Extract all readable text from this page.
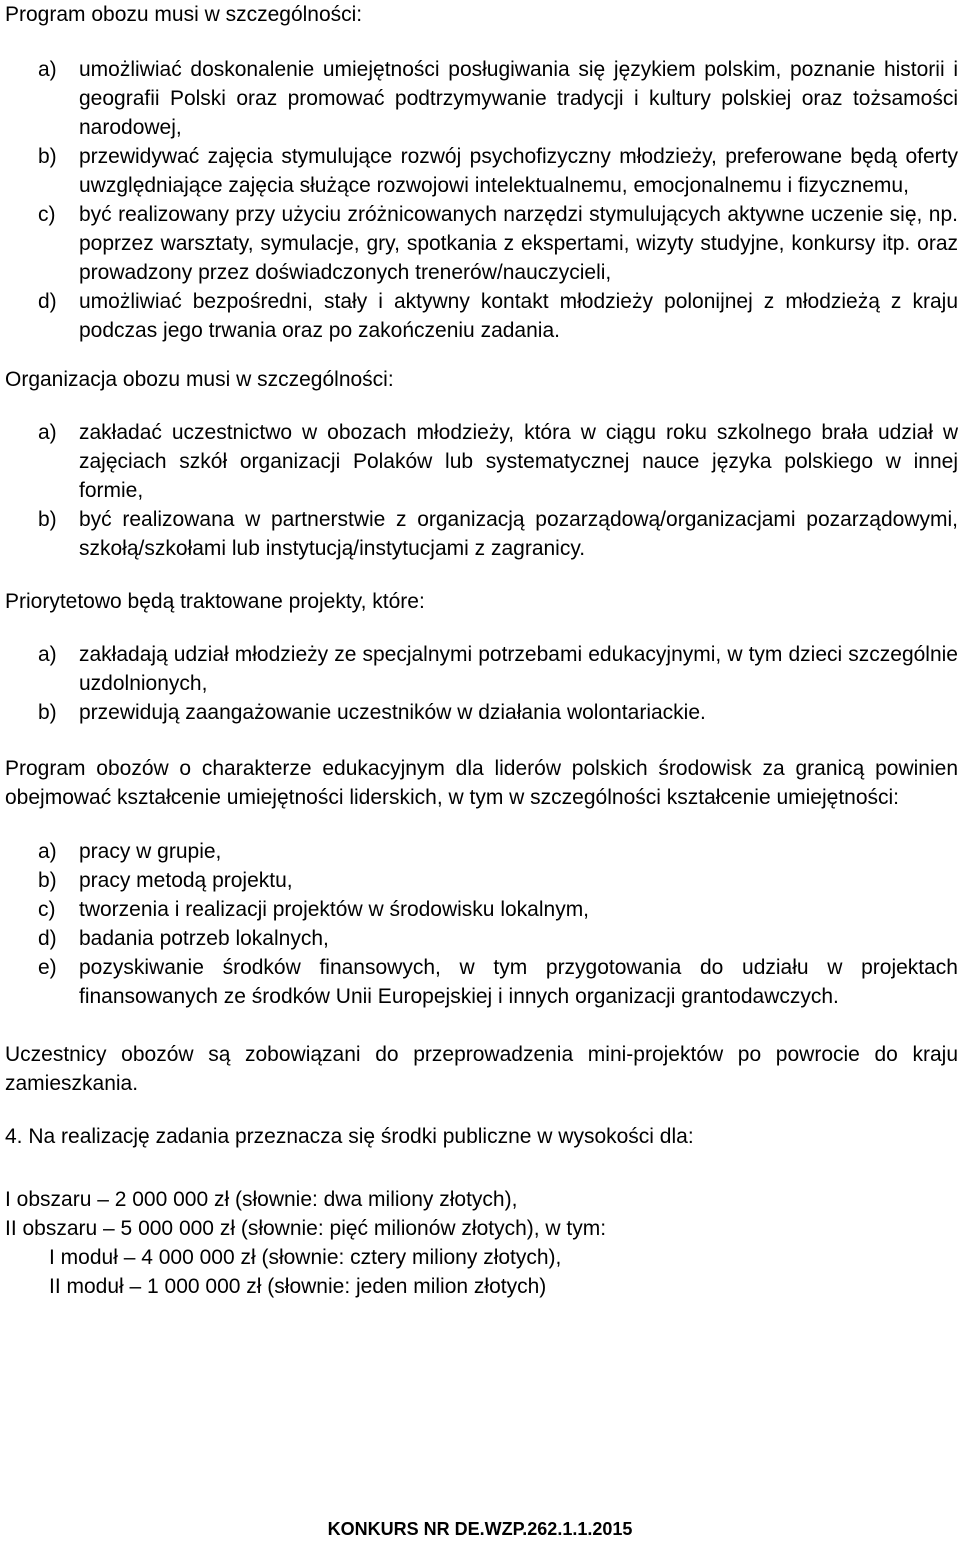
Program obozu musi w szczególności:

a) umożliwiać doskonalenie umiejętności posługiwania się językiem polskim, poznanie historii i geografii Polski oraz promować podtrzymywanie tradycji i kultury polskiej oraz tożsamości narodowej,
b) przewidywać zajęcia stymulujące rozwój psychofizyczny młodzieży, preferowane będą oferty uwzględniające zajęcia służące rozwojowi intelektualnemu, emocjonalnemu i fizycznemu,
c) być realizowany przy użyciu zróżnicowanych narzędzi stymulujących aktywne uczenie się, np. poprzez warsztaty, symulacje, gry, spotkania z ekspertami, wizyty studyjne, konkursy itp. oraz prowadzony przez doświadczonych trenerów/nauczycieli,
d) umożliwiać bezpośredni, stały i aktywny kontakt młodzieży polonijnej z młodzieżą z kraju podczas jego trwania oraz po zakończeniu zadania.

Organizacja obozu musi w szczególności:

a) zakładać uczestnictwo w obozach młodzieży, która w ciągu roku szkolnego brała udział w zajęciach szkół organizacji Polaków lub systematycznej nauce języka polskiego w innej formie,
b) być realizowana w partnerstwie z organizacją pozarządową/organizacjami pozarządowymi, szkołą/szkołami lub instytucją/instytucjami z zagranicy.

Priorytetowo będą traktowane projekty, które:

a) zakładają udział młodzieży ze specjalnymi potrzebami edukacyjnymi, w tym dzieci szczególnie uzdolnionych,
b) przewidują zaangażowanie uczestników w działania wolontariackie.

Program obozów o charakterze edukacyjnym dla liderów polskich środowisk za granicą powinien obejmować kształcenie umiejętności liderskich, w tym w szczególności kształcenie umiejętności:

a) pracy w grupie,
b) pracy metodą projektu,
c) tworzenia i realizacji projektów w środowisku lokalnym,
d) badania potrzeb lokalnych,
e) pozyskiwanie środków finansowych, w tym przygotowania do udziału w projektach finansowanych ze środków Unii Europejskiej i innych organizacji grantodawczych.

Uczestnicy obozów są zobowiązani do przeprowadzenia mini-projektów po powrocie do kraju zamieszkania.

4. Na realizację zadania przeznacza się środki publiczne w wysokości dla:

I obszaru – 2 000 000 zł (słownie: dwa miliony złotych),

II obszaru – 5 000 000 zł (słownie: pięć milionów złotych), w tym:

I moduł – 4 000 000 zł (słownie: cztery miliony złotych),

II moduł – 1 000 000 zł (słownie: jeden milion złotych)

KONKURS NR DE.WZP.262.1.1.2015
